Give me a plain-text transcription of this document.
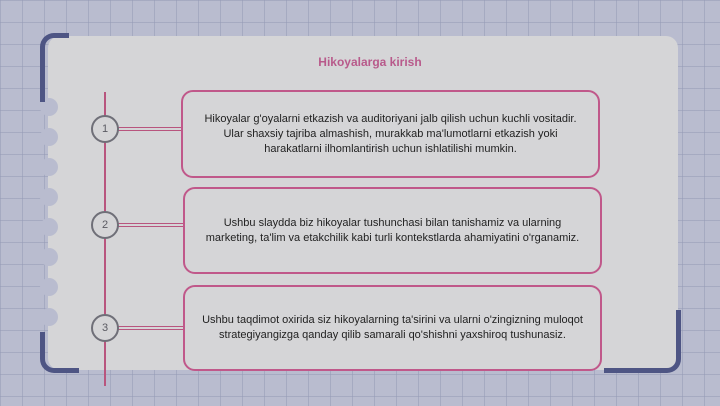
Hikoyalarga kirish
1
2
3
Hikoyalar g'oyalarni etkazish va auditoriyani jalb qilish uchun kuchli vositadir. Ular shaxsiy tajriba almashish, murakkab ma'lumotlarni etkazish yoki harakatlarni ilhomlantirish uchun ishlatilishi mumkin.
Ushbu slaydda biz hikoyalar tushunchasi bilan tanishamiz va ularning marketing, ta'lim va etakchilik kabi turli kontekstlarda ahamiyatini o'rganamiz.
Ushbu taqdimot oxirida siz hikoyalarning ta'sirini va ularni o'zingizning muloqot strategiyangizga qanday qilib samarali qo'shishni yaxshiroq tushunasiz.
